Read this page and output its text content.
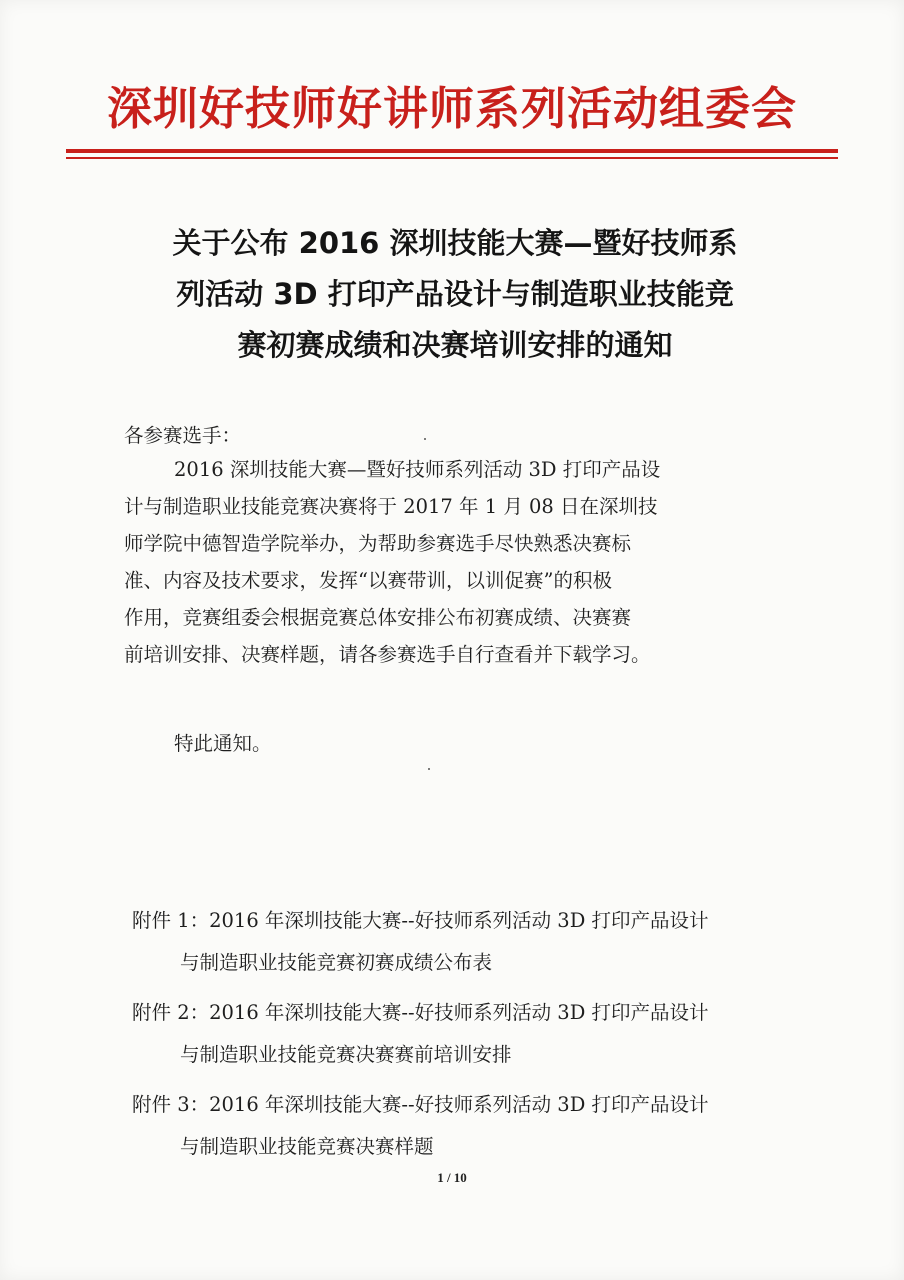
深圳好技师好讲师系列活动组委会
关于公布 2016 深圳技能大赛—暨好技师系
列活动 3D 打印产品设计与制造职业技能竞
赛初赛成绩和决赛培训安排的通知
各参赛选手：
2016 深圳技能大赛—暨好技师系列活动 3D 打印产品设
计与制造职业技能竞赛决赛将于 2017 年 1 月 08 日在深圳技
师学院中德智造学院举办，为帮助参赛选手尽快熟悉决赛标
准、内容及技术要求，发挥“以赛带训，以训促赛”的积极
作用，竞赛组委会根据竞赛总体安排公布初赛成绩、决赛赛
前培训安排、决赛样题，请各参赛选手自行查看并下载学习。
特此通知。
附件 1：2016 年深圳技能大赛--好技师系列活动 3D 打印产品设计
与制造职业技能竞赛初赛成绩公布表
附件 2：2016 年深圳技能大赛--好技师系列活动 3D 打印产品设计
与制造职业技能竞赛决赛赛前培训安排
附件 3：2016 年深圳技能大赛--好技师系列活动 3D 打印产品设计
与制造职业技能竞赛决赛样题
1 / 10
